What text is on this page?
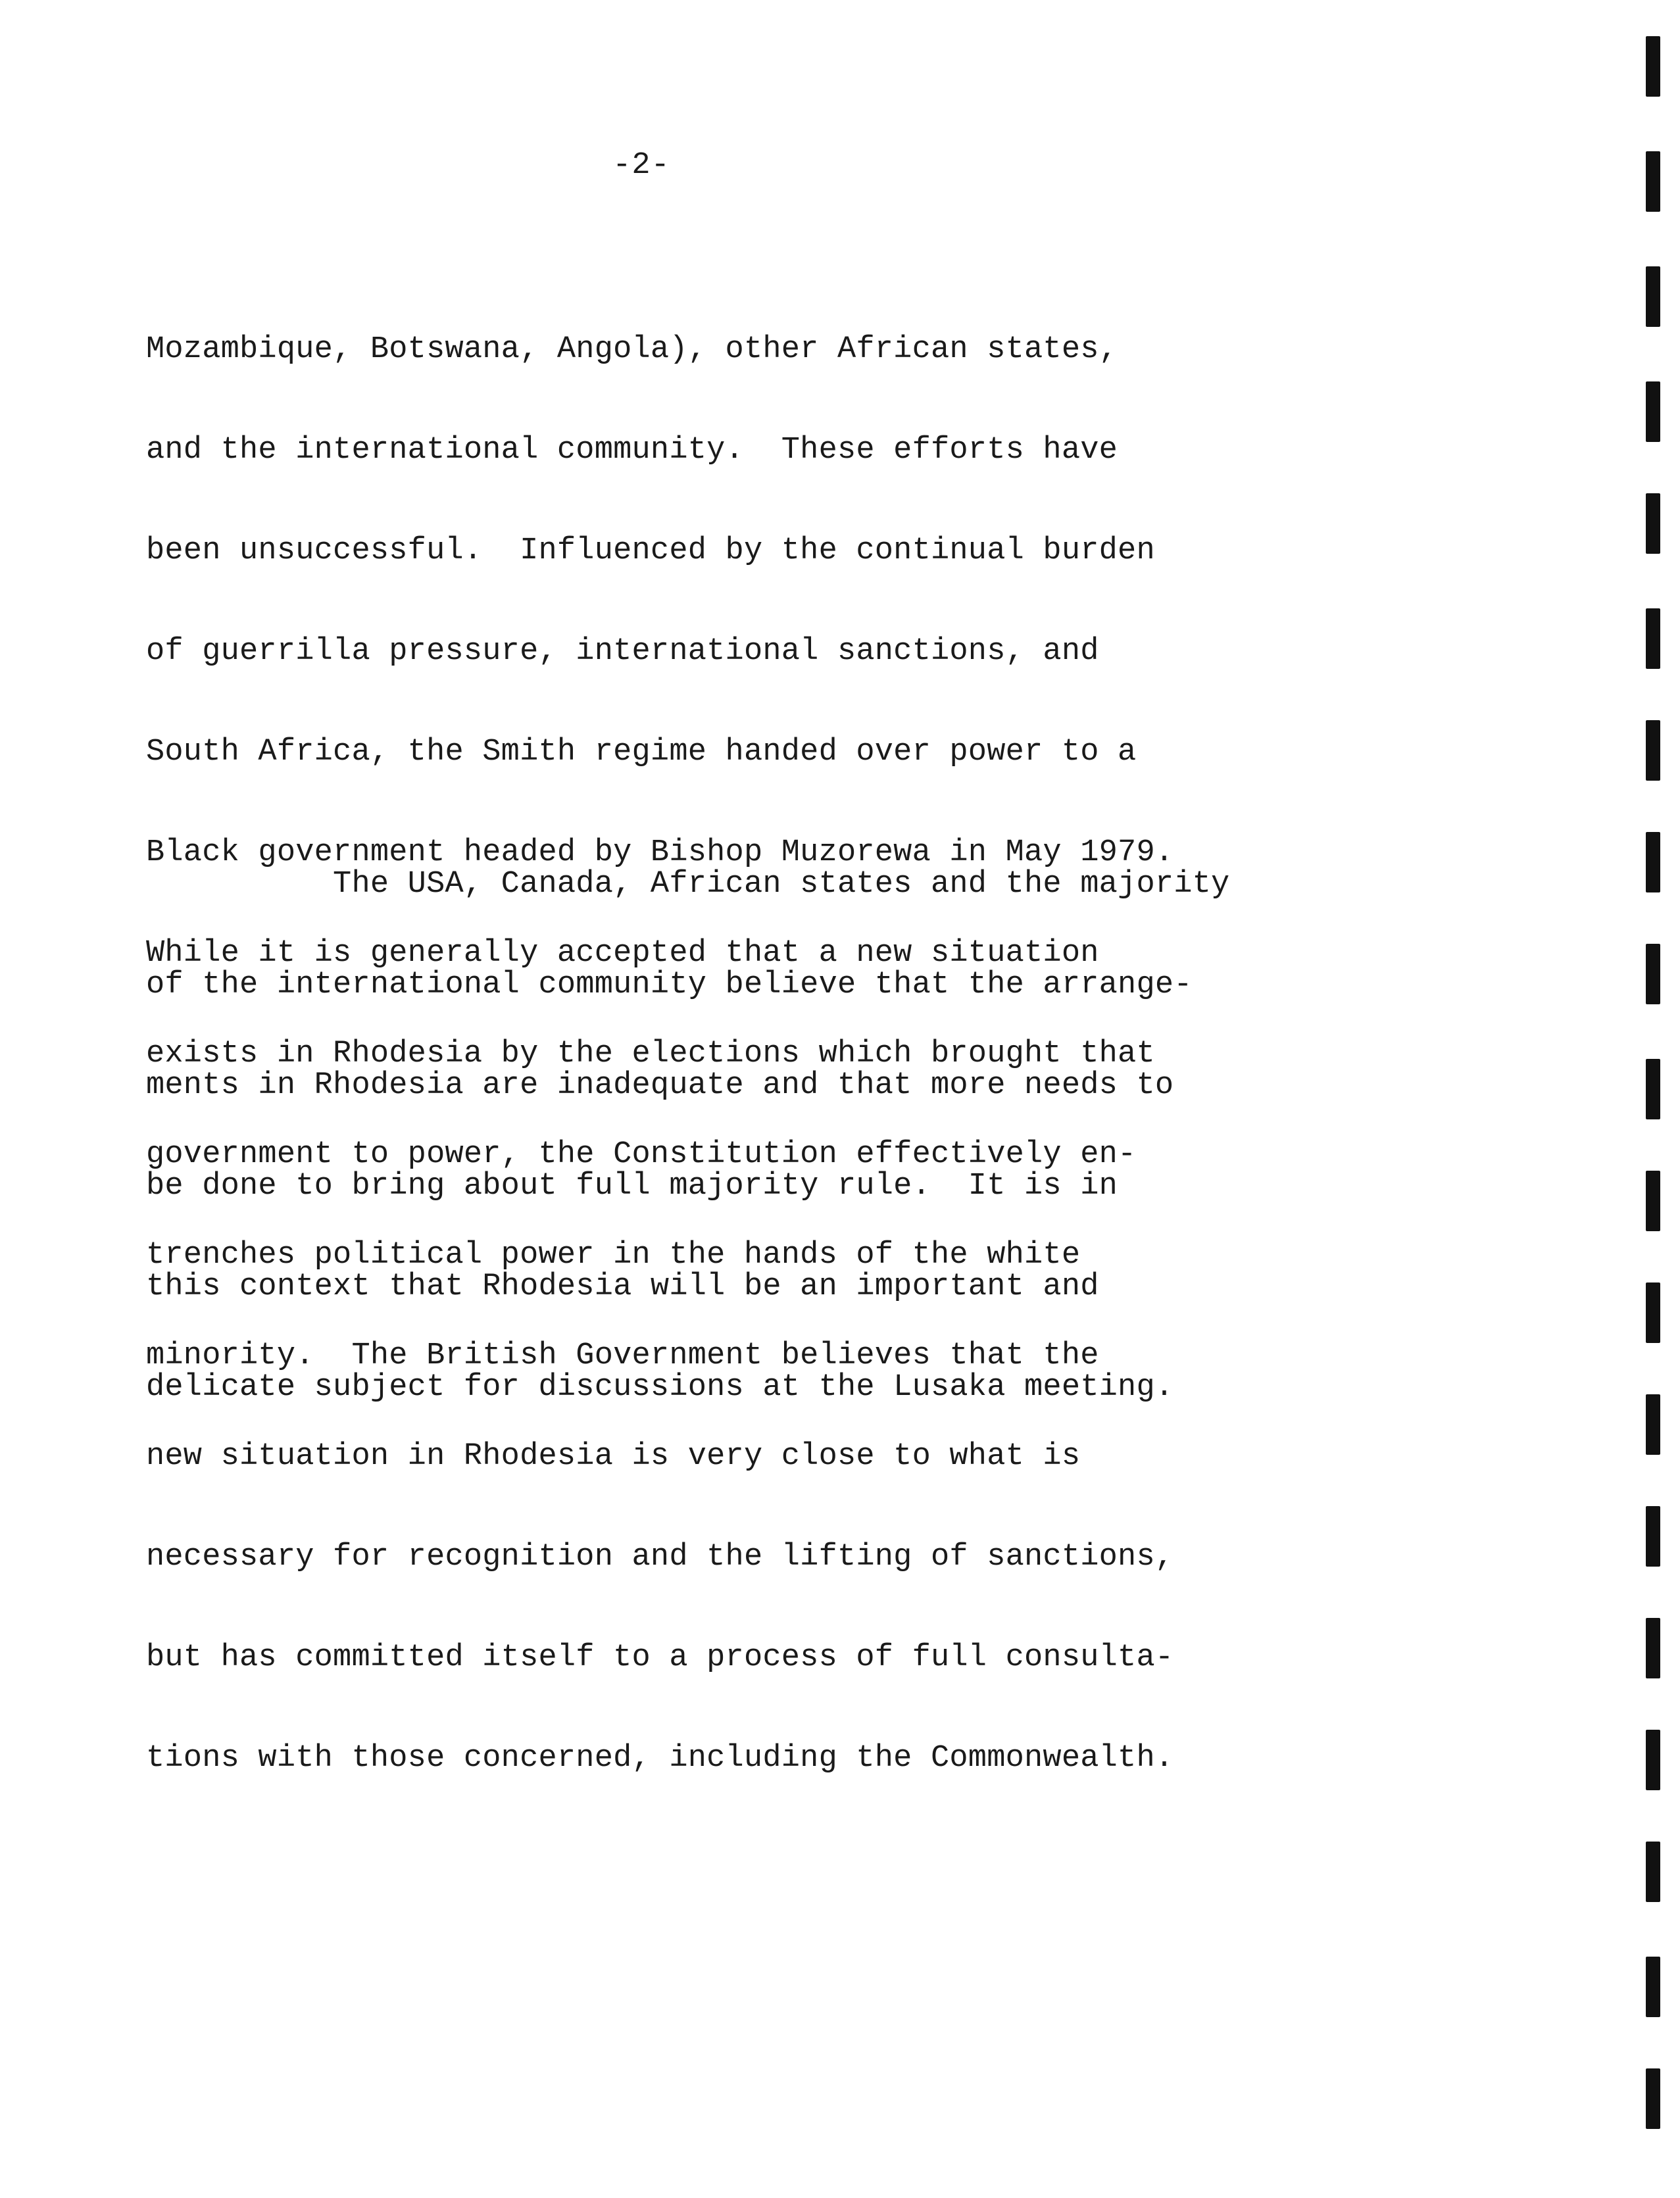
-2-

Mozambique, Botswana, Angola), other African states,

and the international community.  These efforts have

been unsuccessful.  Influenced by the continual burden

of guerrilla pressure, international sanctions, and

South Africa, the Smith regime handed over power to a

Black government headed by Bishop Muzorewa in May 1979.

While it is generally accepted that a new situation

exists in Rhodesia by the elections which brought that

government to power, the Constitution effectively en-

trenches political power in the hands of the white

minority.  The British Government believes that the

new situation in Rhodesia is very close to what is

necessary for recognition and the lifting of sanctions,

but has committed itself to a process of full consulta-

tions with those concerned, including the Commonwealth.

The USA, Canada, African states and the majority

of the international community believe that the arrange-

ments in Rhodesia are inadequate and that more needs to

be done to bring about full majority rule.  It is in

this context that Rhodesia will be an important and

delicate subject for discussions at the Lusaka meeting.
